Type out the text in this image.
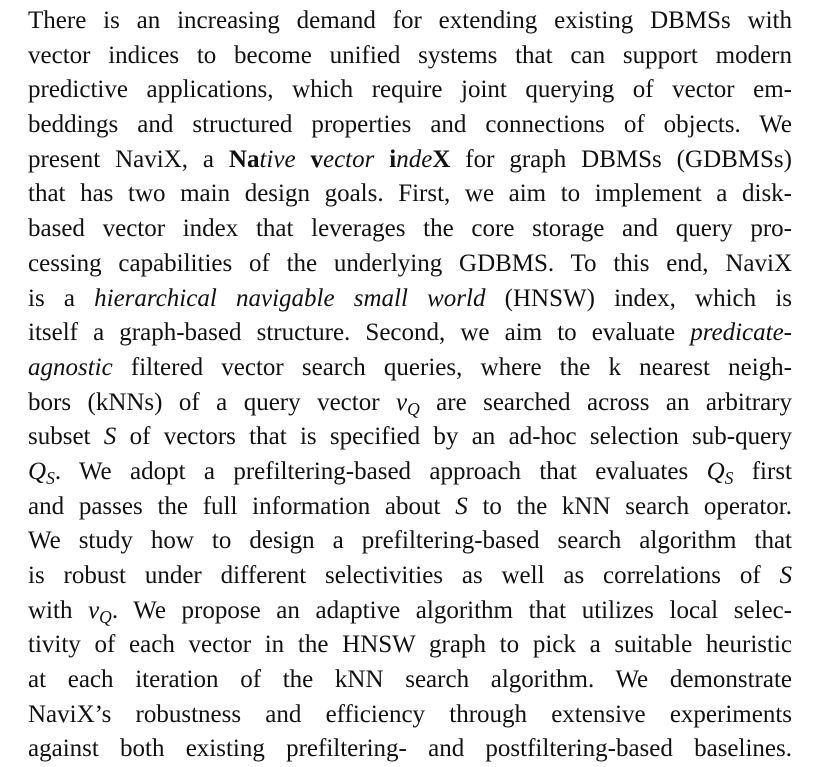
There is an increasing demand for extending existing DBMSs with
vector indices to become unified systems that can support modern
predictive applications, which require joint querying of vector em-
beddings and structured properties and connections of objects. We
present NaviX, a Native vector indeX for graph DBMSs (GDBMSs)
that has two main design goals. First, we aim to implement a disk-
based vector index that leverages the core storage and query pro-
cessing capabilities of the underlying GDBMS. To this end, NaviX
is a hierarchical navigable small world (HNSW) index, which is
itself a graph-based structure. Second, we aim to evaluate predicate-
agnostic filtered vector search queries, where the k nearest neigh-
bors (kNNs) of a query vector $v_Q$ are searched across an arbitrary
subset S of vectors that is specified by an ad-hoc selection sub-query
$Q_S$. We adopt a prefiltering-based approach that evaluates $Q_S$ first
and passes the full information about S to the kNN search operator.
We study how to design a prefiltering-based search algorithm that
is robust under different selectivities as well as correlations of S
with $v_Q$. We propose an adaptive algorithm that utilizes local selec-
tivity of each vector in the HNSW graph to pick a suitable heuristic
at each iteration of the kNN search algorithm. We demonstrate
NaviX’s robustness and efficiency through extensive experiments
against both existing prefiltering- and postfiltering-based baselines.
